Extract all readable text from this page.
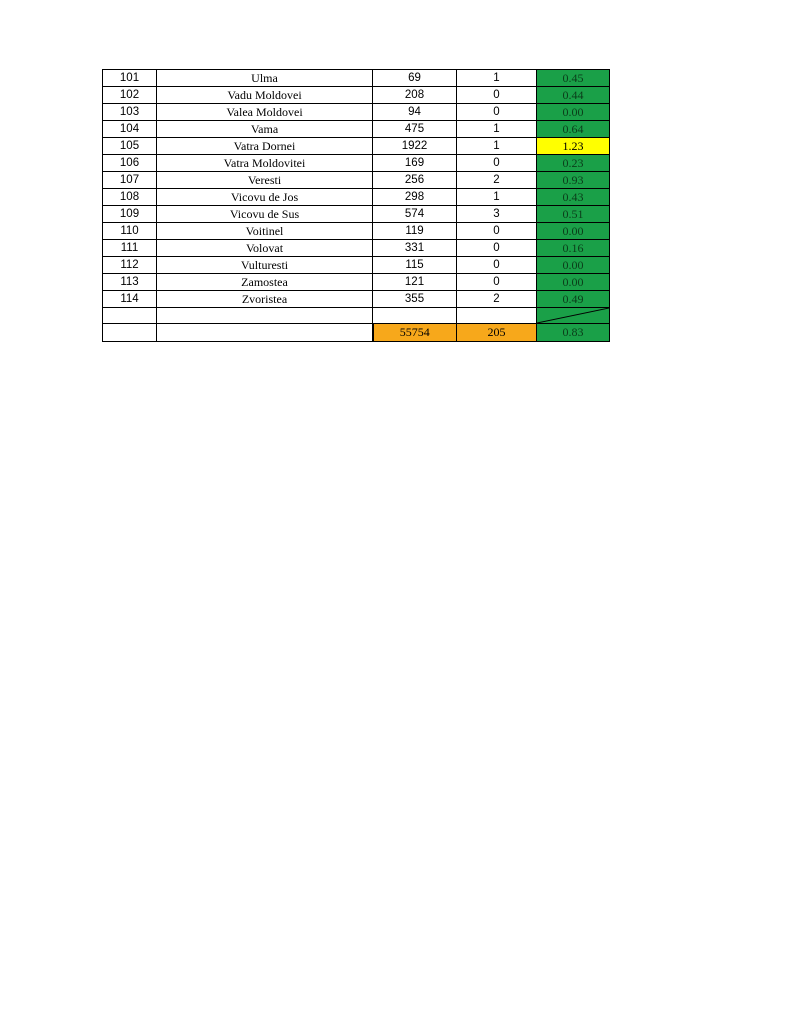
101	Ulma	69	1	0.45
102	Vadu Moldovei	208	0	0.44
103	Valea Moldovei	94	0	0.00
104	Vama	475	1	0.64
105	Vatra Dornei	1922	1	1.23
106	Vatra Moldovitei	169	0	0.23
107	Veresti	256	2	0.93
108	Vicovu de Jos	298	1	0.43
109	Vicovu de Sus	574	3	0.51
110	Voitinel	119	0	0.00
111	Volovat	331	0	0.16
112	Vulturesti	115	0	0.00
113	Zamostea	121	0	0.00
114	Zvoristea	355	2	0.49

		55754	205	0.83
